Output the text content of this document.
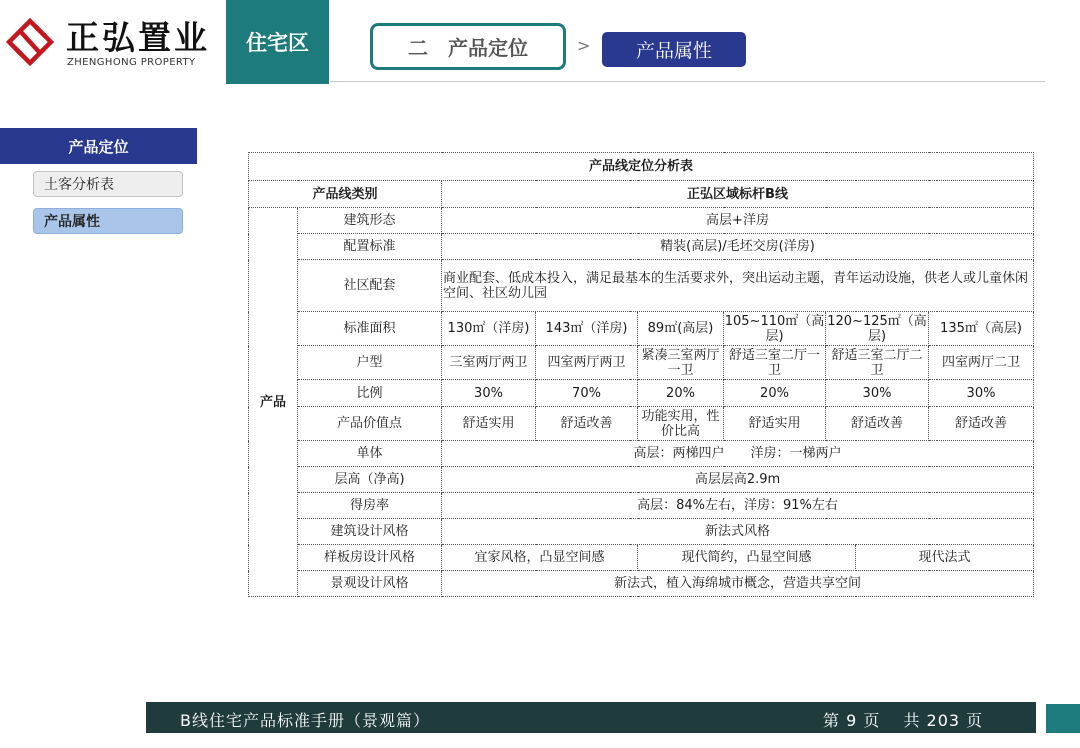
正弘置业
ZHENGHONG PROPERTY
住宅区	二 产品定位	>	产品属性
产品定位
土客分析表
产品属性
产品线定位分析表								
产品线类别		正弘区域标杆B线						
产品	建筑形态	高层+洋房						
	配置标准	精装(高层)/毛坯交房(洋房)						
	社区配套	商业配套、低成本投入，满足最基本的生活要求外，突出运动主题，青年运动设施，供老人或儿童休闲空间、社区幼儿园						
	标准面积	130㎡（洋房)	143㎡（洋房)	89㎡(高层)	105~110㎡（高层)	120~125㎡（高层)		135㎡（高层)
	户型	三室两厅两卫	四室两厅两卫	紧凑三室两厅一卫	舒适三室二厅一卫	舒适三室二厅二卫		四室两厅二卫
	比例	30%	70%	20%	20%	30%		30%
	产品价值点	舒适实用	舒适改善	功能实用，性价比高	舒适实用	舒适改善		舒适改善
	单体	高层：两梯四户　　洋房：一梯两户						
	层高（净高)	高层层高2.9m						
	得房率	高层：84%左右，洋房：91%左右						
	建筑设计风格	新法式风格						
	样板房设计风格	宜家风格，凸显空间感		现代简约，凸显空间感			现代法式	
	景观设计风格	新法式，植入海绵城市概念，营造共享空间						
B线住宅产品标准手册（景观篇）	第 9 页　 共 203 页
